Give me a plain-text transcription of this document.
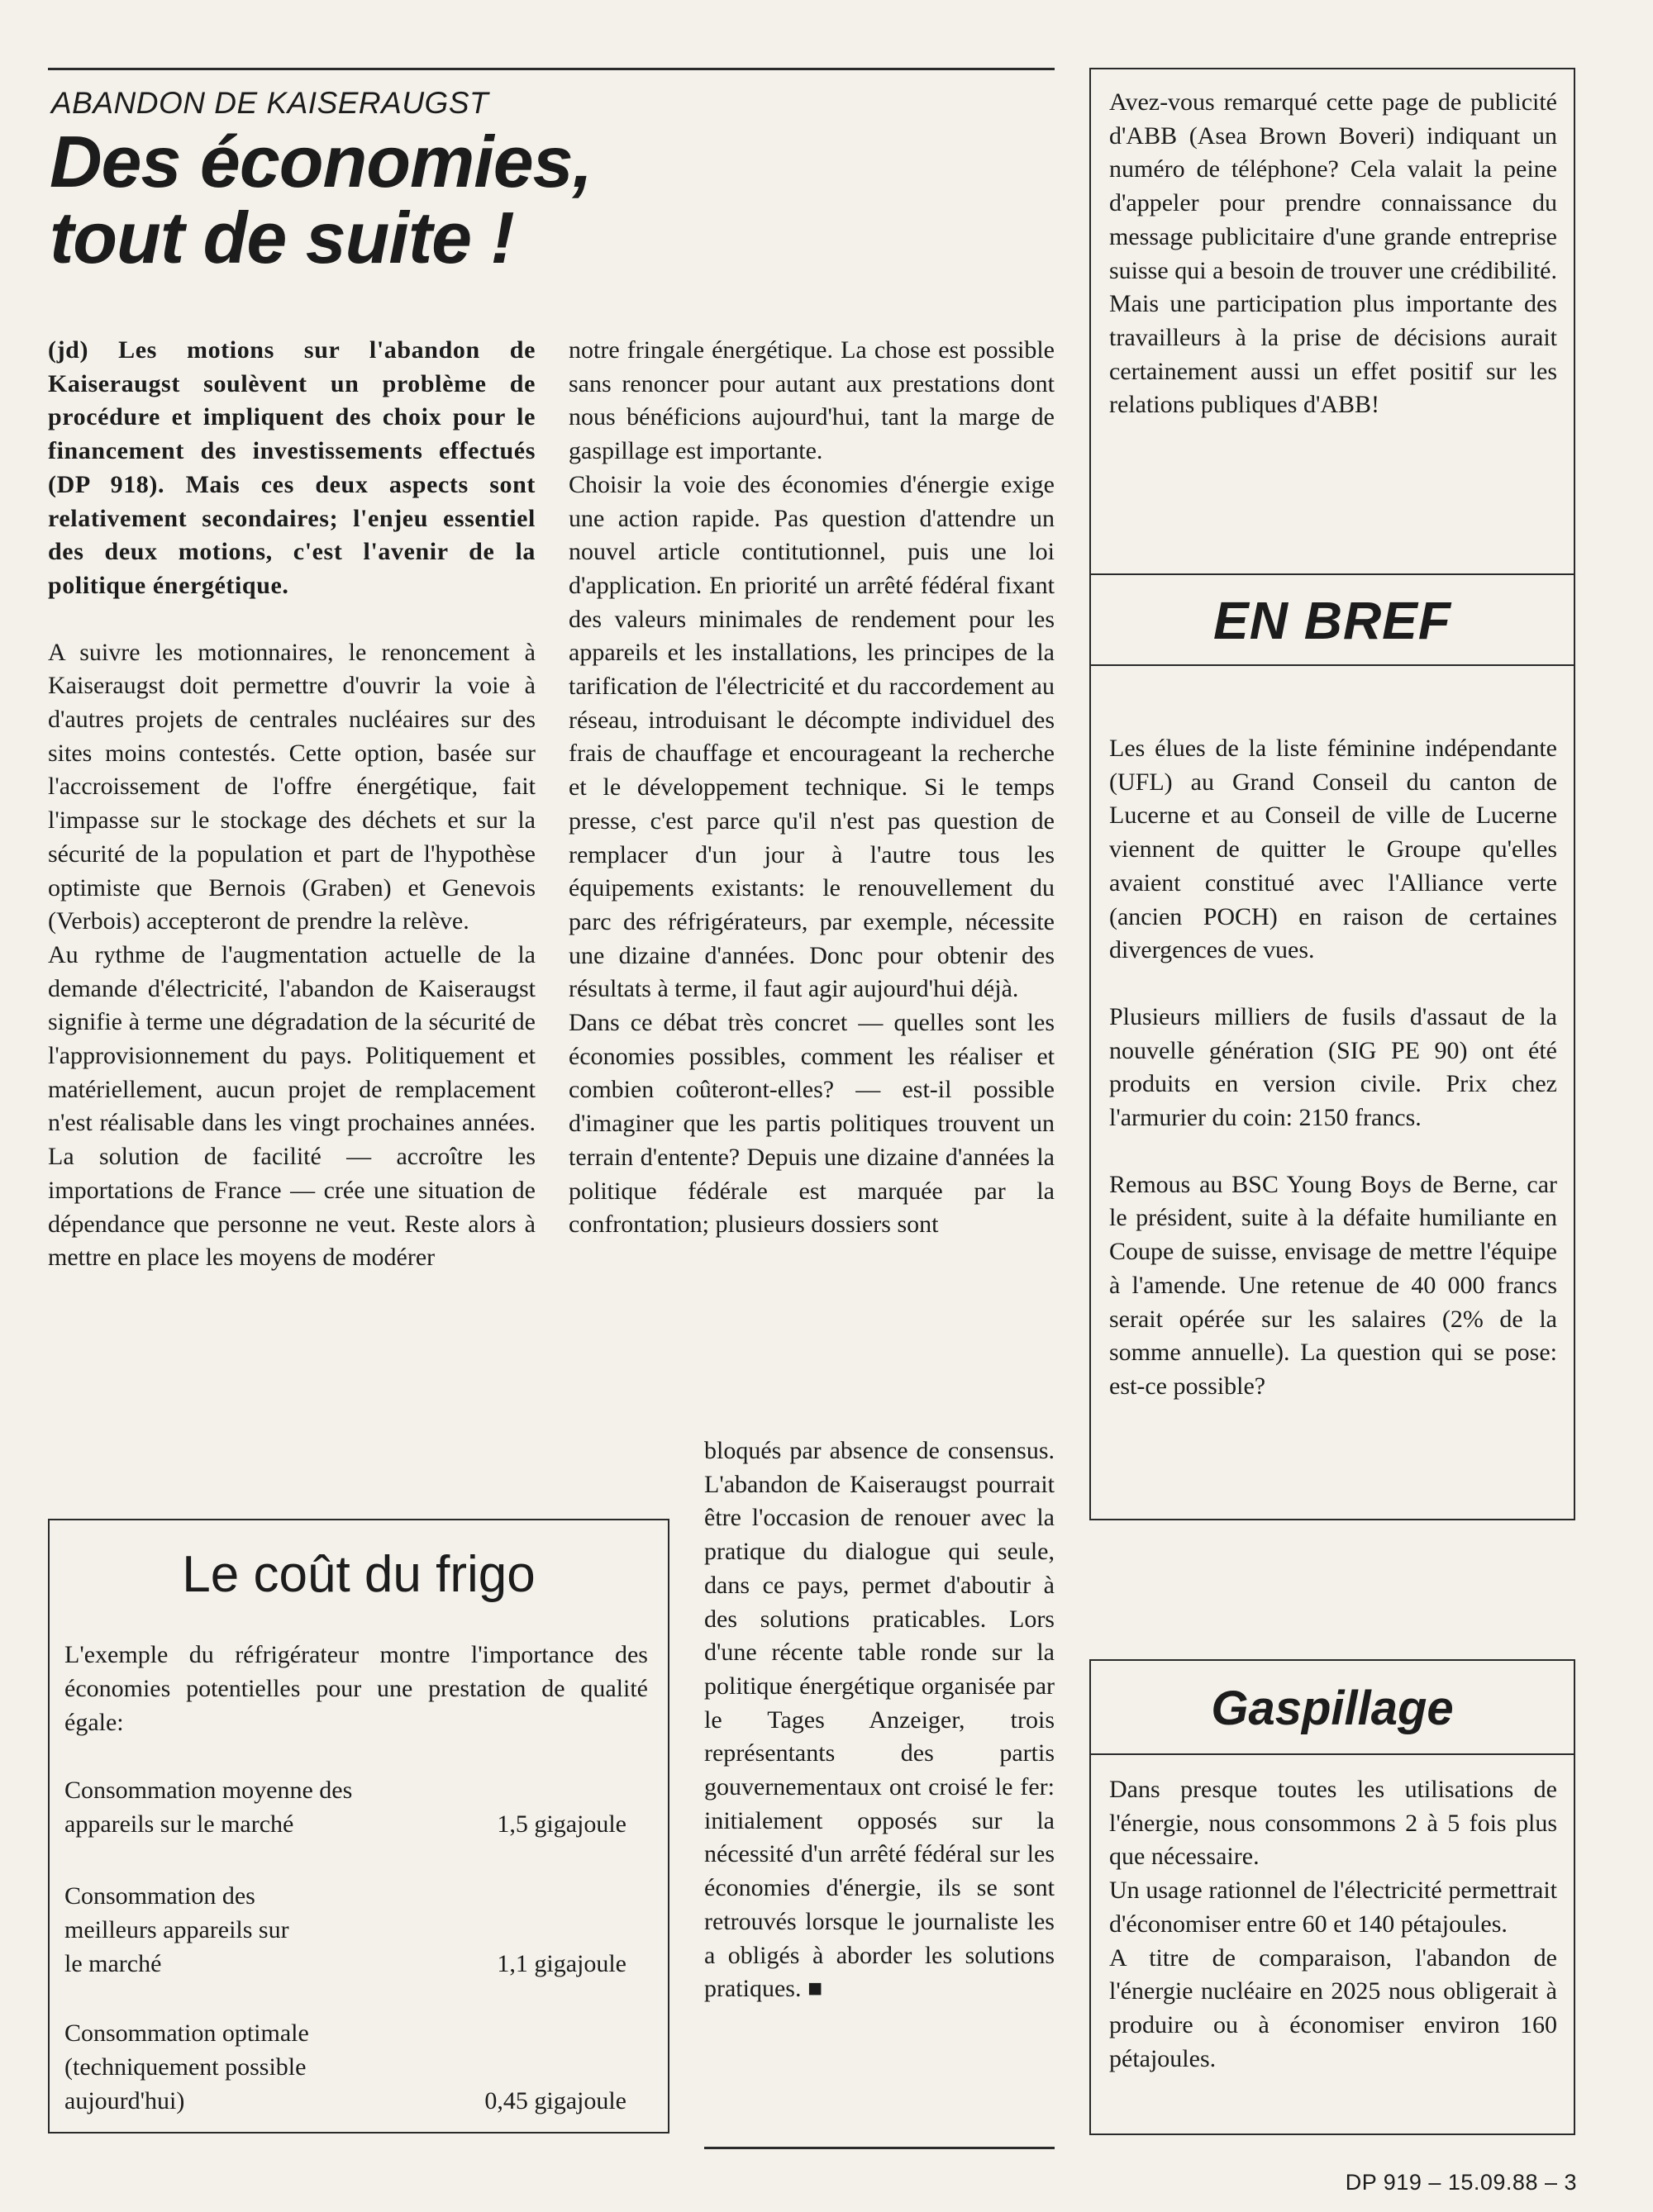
ABANDON DE KAISERAUGST
Des économies,
tout de suite !

(jd) Les motions sur l'abandon de Kaiseraugst soulèvent un problème de procédure et impliquent des choix pour le financement des investissements effectués (DP 918). Mais ces deux aspects sont relativement secondaires; l'enjeu essentiel des deux motions, c'est l'avenir de la politique énergétique.

A suivre les motionnaires, le renoncement à Kaiseraugst doit permettre d'ouvrir la voie à d'autres projets de centrales nucléaires sur des sites moins contestés. Cette option, basée sur l'accroissement de l'offre énergétique, fait l'impasse sur le stockage des déchets et sur la sécurité de la population et part de l'hypothèse optimiste que Bernois (Graben) et Genevois (Verbois) accepteront de prendre la relève.

Au rythme de l'augmentation actuelle de la demande d'électricité, l'abandon de Kaiseraugst signifie à terme une dégradation de la sécurité de l'approvisionnement du pays. Politiquement et matériellement, aucun projet de remplacement n'est réalisable dans les vingt prochaines années. La solution de facilité — accroître les importations de France — crée une situation de dépendance que personne ne veut. Reste alors à mettre en place les moyens de modérer

notre fringale énergétique. La chose est possible sans renoncer pour autant aux prestations dont nous bénéficions aujourd'hui, tant la marge de gaspillage est importante.

Choisir la voie des économies d'énergie exige une action rapide. Pas question d'attendre un nouvel article contitutionnel, puis une loi d'application. En priorité un arrêté fédéral fixant des valeurs minimales de rendement pour les appareils et les installations, les principes de la tarification de l'électricité et du raccordement au réseau, introduisant le décompte individuel des frais de chauffage et encourageant la recherche et le développement technique. Si le temps presse, c'est parce qu'il n'est pas question de remplacer d'un jour à l'autre tous les équipements existants: le renouvellement du parc des réfrigérateurs, par exemple, nécessite une dizaine d'années. Donc pour obtenir des résultats à terme, il faut agir aujourd'hui déjà.

Dans ce débat très concret — quelles sont les économies possibles, comment les réaliser et combien coûteront-elles? — est-il possible d'imaginer que les partis politiques trouvent un terrain d'entente? Depuis une dizaine d'années la politique fédérale est marquée par la confrontation; plusieurs dossiers sont

bloqués par absence de consensus. L'abandon de Kaiseraugst pourrait être l'occasion de renouer avec la pratique du dialogue qui seule, dans ce pays, permet d'aboutir à des solutions praticables. Lors d'une récente table ronde sur la politique énergétique organisée par le Tages Anzeiger, trois représentants des partis gouvernementaux ont croisé le fer: initialement opposés sur la nécessité d'un arrêté fédéral sur les économies d'énergie, ils se sont retrouvés lorsque le journaliste les a obligés à aborder les solutions pratiques. ■

Le coût du frigo
L'exemple du réfrigérateur montre l'importance des économies potentielles pour une prestation de qualité égale:
Consommation moyenne des
appareils sur le marché	1,5 gigajoule
Consommation des
meilleurs appareils sur
le marché	1,1 gigajoule
Consommation optimale
(techniquement possible
aujourd'hui)	0,45 gigajoule

Avez-vous remarqué cette page de publicité d'ABB (Asea Brown Boveri) indiquant un numéro de téléphone? Cela valait la peine d'appeler pour prendre connaissance du message publicitaire d'une grande entreprise suisse qui a besoin de trouver une crédibilité. Mais une participation plus importante des travailleurs à la prise de décisions aurait certainement aussi un effet positif sur les relations publiques d'ABB!

EN BREF

Les élues de la liste féminine indépendante (UFL) au Grand Conseil du canton de Lucerne et au Conseil de ville de Lucerne viennent de quitter le Groupe qu'elles avaient constitué avec l'Alliance verte (ancien POCH) en raison de certaines divergences de vues.

Plusieurs milliers de fusils d'assaut de la nouvelle génération (SIG PE 90) ont été produits en version civile. Prix chez l'armurier du coin: 2150 francs.

Remous au BSC Young Boys de Berne, car le président, suite à la défaite humiliante en Coupe de suisse, envisage de mettre l'équipe à l'amende. Une retenue de 40 000 francs serait opérée sur les salaires (2% de la somme annuelle). La question qui se pose: est-ce possible?

Gaspillage

Dans presque toutes les utilisations de l'énergie, nous consommons 2 à 5 fois plus que nécessaire.

Un usage rationnel de l'électricité permettrait d'économiser entre 60 et 140 pétajoules.

A titre de comparaison, l'abandon de l'énergie nucléaire en 2025 nous obligerait à produire ou à économiser environ 160 pétajoules.

DP 919 – 15.09.88 – 3
